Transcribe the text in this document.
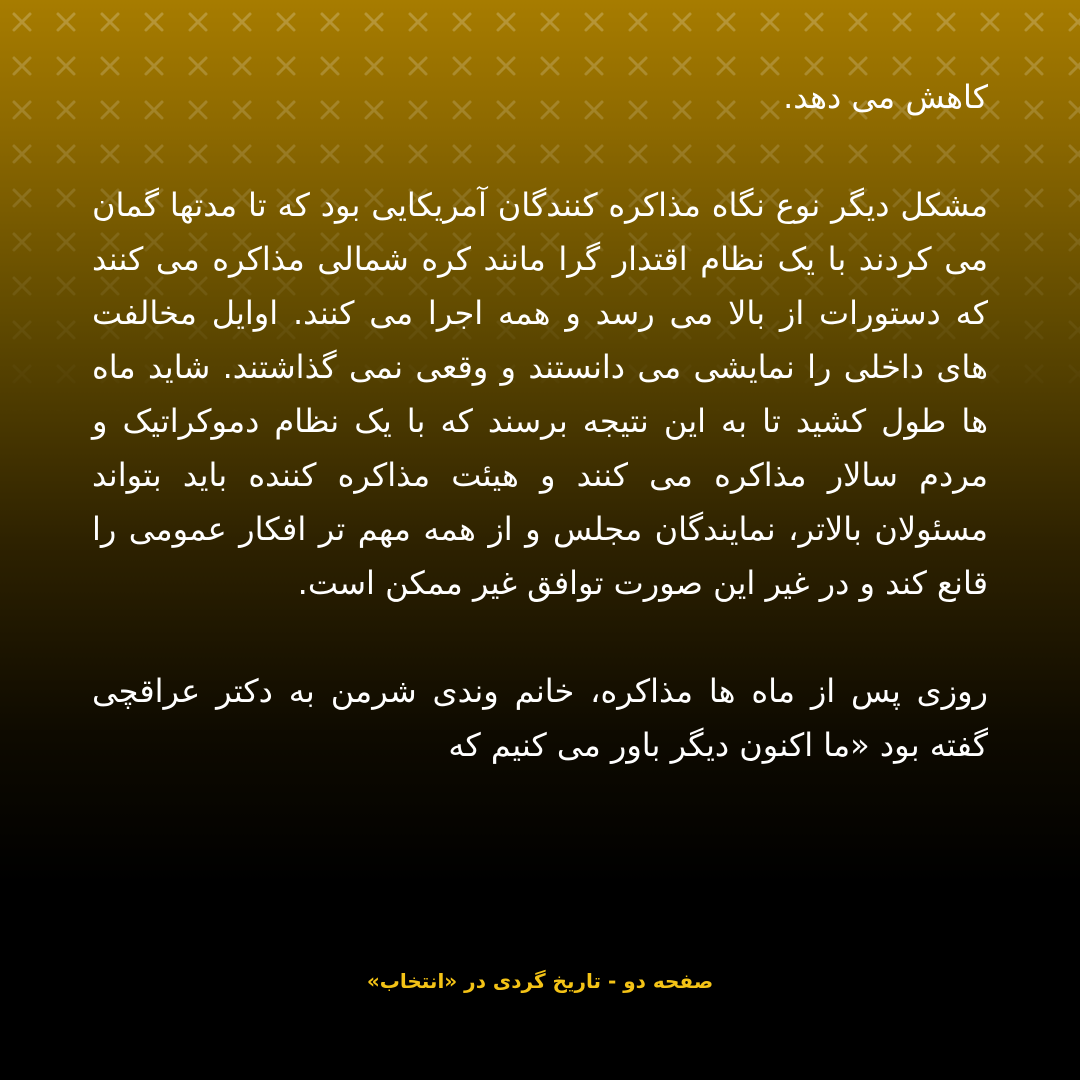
کاهش می دهد.

مشکل دیگر نوع نگاه مذاکره کنندگان آمریکایی بود که تا مدتها گمان می کردند با یک نظام اقتدار گرا مانند کره شمالی مذاکره می کنند که دستورات از بالا می رسد و همه اجرا می کنند. اوایل مخالفت های داخلی را نمایشی می دانستند و وقعی نمی گذاشتند. شاید ماه ها طول کشید تا به این نتیجه برسند که با یک نظام دموکراتیک و مردم سالار مذاکره می کنند و هیئت مذاکره کننده باید بتواند مسئولان بالاتر، نمایندگان مجلس و از همه مهم تر افکار عمومی را قانع کند و در غیر این صورت توافق غیر ممکن است.

روزی پس از ماه ها مذاکره، خانم وندی شرمن به دکتر عراقچی گفته بود «ما اکنون دیگر باور می کنیم که

صفحه دو - تاریخ گردی در «انتخاب»
